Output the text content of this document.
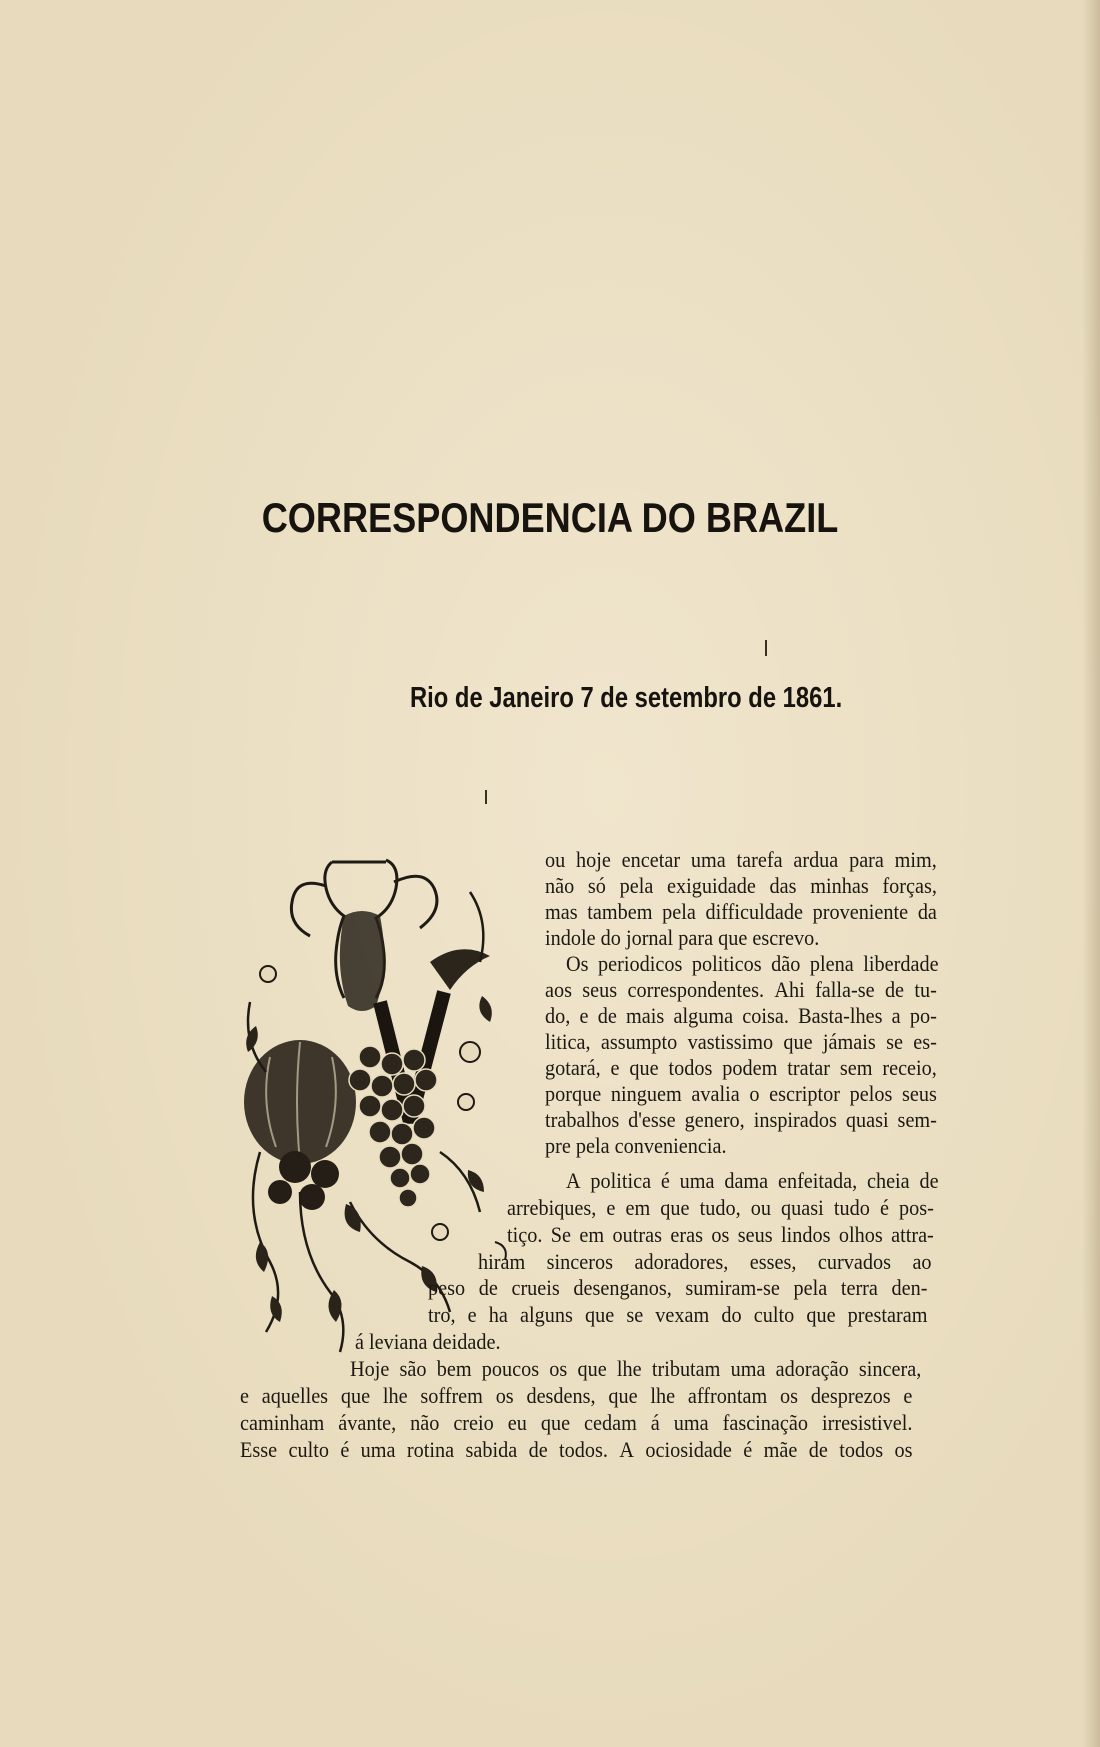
CORRESPONDENCIA DO BRAZIL
Rio de Janeiro 7 de setembro de 1861.
ou hoje encetar uma tarefa ardua para mim,
não só pela exiguidade das minhas forças,
mas tambem pela difficuldade proveniente da
indole do jornal para que escrevo.
Os periodicos politicos dão plena liberdade
aos seus correspondentes. Ahi falla-se de tu-
do, e de mais alguma coisa. Basta-lhes a po-
litica, assumpto vastissimo que jámais se es-
gotará, e que todos podem tratar sem receio,
porque ninguem avalia o escriptor pelos seus
trabalhos d'esse genero, inspirados quasi sem-
pre pela conveniencia.
A politica é uma dama enfeitada, cheia de
arrebiques, e em que tudo, ou quasi tudo é pos-
tiço. Se em outras eras os seus lindos olhos attra-
hiram sinceros adoradores, esses, curvados ao
peso de crueis desenganos, sumiram-se pela terra den-
tro, e ha alguns que se vexam do culto que prestaram
á leviana deidade.
Hoje são bem poucos os que lhe tributam uma adoração sincera,
e aquelles que lhe soffrem os desdens, que lhe affrontam os desprezos e
caminham ávante, não creio eu que cedam á uma fascinação irresistivel.
Esse culto é uma rotina sabida de todos. A ociosidade é mãe de todos os
